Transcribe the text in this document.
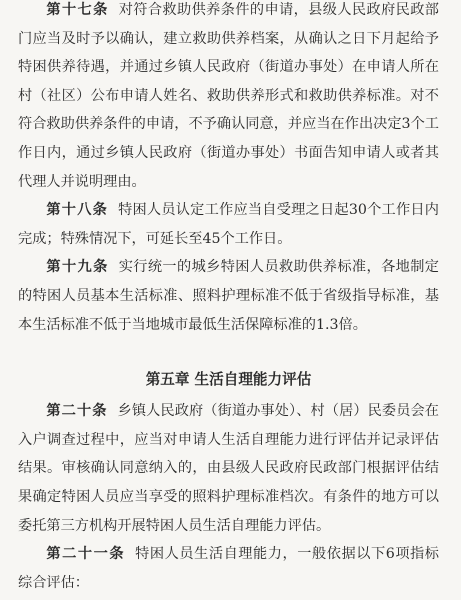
第十七条 对符合救助供养条件的申请，县级人民政府民政部门应当及时予以确认，建立救助供养档案，从确认之日下月起给予特困供养待遇，并通过乡镇人民政府（街道办事处）在申请人所在村（社区）公布申请人姓名、救助供养形式和救助供养标准。对不符合救助供养条件的申请，不予确认同意，并应当在作出决定3个工作日内，通过乡镇人民政府（街道办事处）书面告知申请人或者其代理人并说明理由。

第十八条 特困人员认定工作应当自受理之日起30个工作日内完成；特殊情况下，可延长至45个工作日。

第十九条 实行统一的城乡特困人员救助供养标准，各地制定的特困人员基本生活标准、照料护理标准不低于省级指导标准，基本生活标准不低于当地城市最低生活保障标准的1.3倍。

第五章 生活自理能力评估

第二十条 乡镇人民政府（街道办事处）、村（居）民委员会在入户调查过程中，应当对申请人生活自理能力进行评估并记录评估结果。审核确认同意纳入的，由县级人民政府民政部门根据评估结果确定特困人员应当享受的照料护理标准档次。有条件的地方可以委托第三方机构开展特困人员生活自理能力评估。

第二十一条 特困人员生活自理能力，一般依据以下6项指标综合评估：
